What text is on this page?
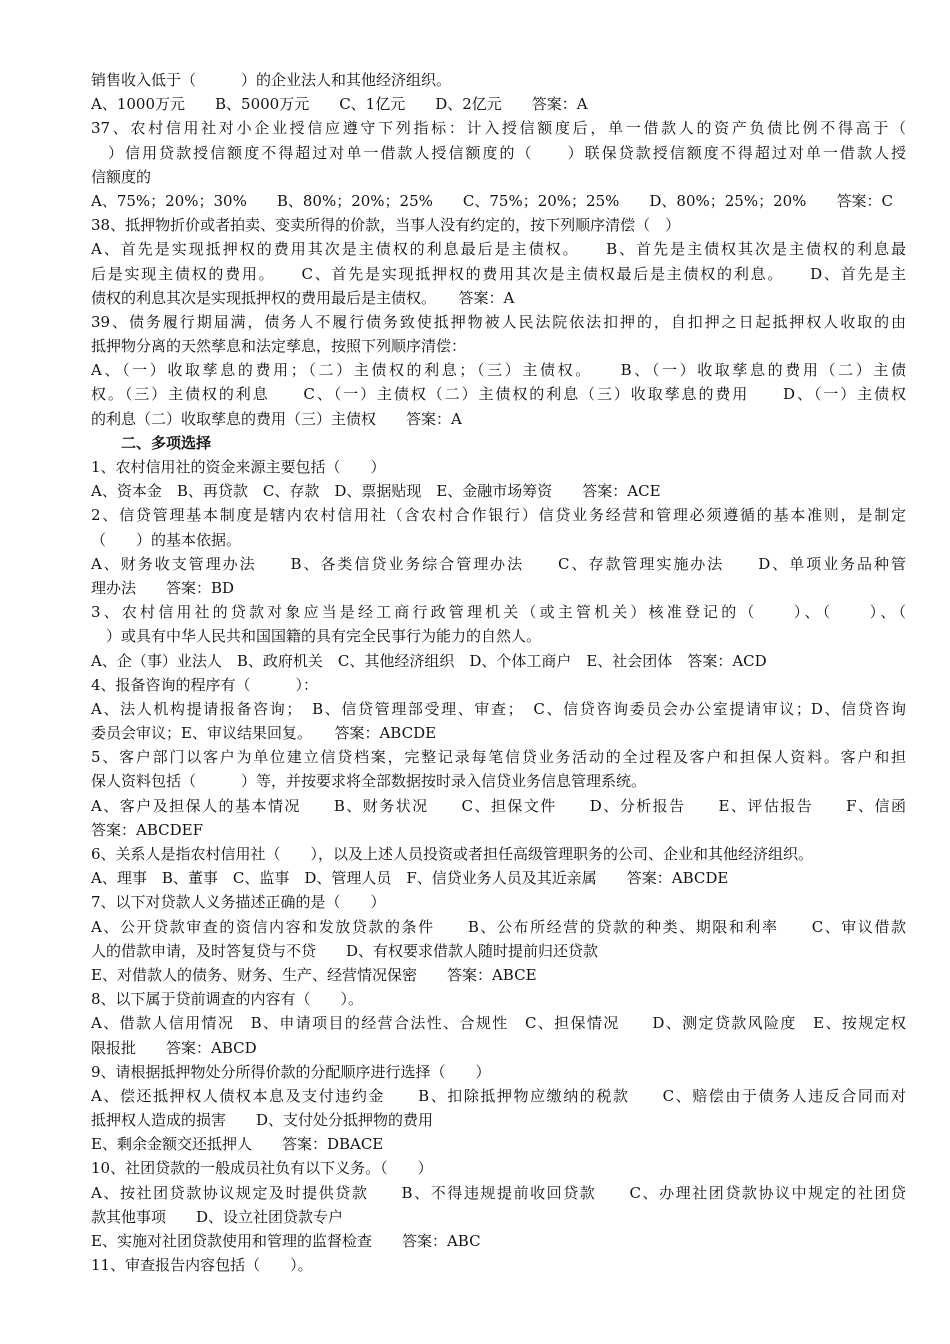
销售收入低于（　　　）的企业法人和其他经济组织。
A、1000万元　　B、5000万元　　C、1亿元　　D、2亿元　　答案：A
37、农村信用社对小企业授信应遵守下列指标：计入授信额度后，单一借款人的资产负债比例不得高于（
　）信用贷款授信额度不得超过对单一借款人授信额度的（　　）联保贷款授信额度不得超过对单一借款人授
信额度的
A、75%；20%；30%　　B、80%；20%；25%　　C、75%；20%；25%　　D、80%；25%；20%　　答案：C
38、抵押物折价或者拍卖、变卖所得的价款，当事人没有约定的，按下列顺序清偿（　）
A、首先是实现抵押权的费用其次是主债权的利息最后是主债权。　　B、首先是主债权其次是主债权的利息最
后是实现主债权的费用。　　C、首先是实现抵押权的费用其次是主债权最后是主债权的利息。　　D、首先是主
债权的利息其次是实现抵押权的费用最后是主债权。　　答案：A
39、债务履行期届满，债务人不履行债务致使抵押物被人民法院依法扣押的，自扣押之日起抵押权人收取的由
抵押物分离的天然孳息和法定孳息，按照下列顺序清偿：
A、（一）收取孳息的费用；（二）主债权的利息；（三）主债权。　　B、（一）收取孳息的费用（二）主债
权。（三）主债权的利息　　C、（一）主债权（二）主债权的利息（三）收取孳息的费用　　D、（一）主债权
的利息（二）收取孳息的费用（三）主债权　　答案：A
二、多项选择
1、农村信用社的资金来源主要包括（　　）
A、资本金　B、再贷款　C、存款　D、票据贴现　E、金融市场筹资　　答案：ACE
2、信贷管理基本制度是辖内农村信用社（含农村合作银行）信贷业务经营和管理必须遵循的基本准则，是制定
（　　）的基本依据。
A、财务收支管理办法　　B、各类信贷业务综合管理办法　　C、存款管理实施办法　　D、单项业务品种管
理办法　　答案：BD
3、农村信用社的贷款对象应当是经工商行政管理机关（或主管机关）核准登记的（　　）、（　　）、（
　）或具有中华人民共和国国籍的具有完全民事行为能力的自然人。
A、企（事）业法人　B、政府机关　C、其他经济组织　D、个体工商户　E、社会团体　答案：ACD
4、报备咨询的程序有（　　　）：
A、法人机构提请报备咨询；　B、信贷管理部受理、审查；　C、信贷咨询委员会办公室提请审议；D、信贷咨询
委员会审议；E、审议结果回复。　　答案：ABCDE
5、客户部门以客户为单位建立信贷档案，完整记录每笔信贷业务活动的全过程及客户和担保人资料。客户和担
保人资料包括（　　　）等，并按要求将全部数据按时录入信贷业务信息管理系统。
A、客户及担保人的基本情况　　B、财务状况　　C、担保文件　　D、分析报告　　E、评估报告　　F、信函
答案：ABCDEF
6、关系人是指农村信用社（　　），以及上述人员投资或者担任高级管理职务的公司、企业和其他经济组织。
A、理事　B、董事　C、监事　D、管理人员　F、信贷业务人员及其近亲属　　答案：ABCDE
7、以下对贷款人义务描述正确的是（　　）
A、公开贷款审查的资信内容和发放贷款的条件　　B、公布所经营的贷款的种类、期限和利率　　C、审议借款
人的借款申请，及时答复贷与不贷　　D、有权要求借款人随时提前归还贷款
E、对借款人的债务、财务、生产、经营情况保密　　答案：ABCE
8、以下属于贷前调查的内容有（　　）。
A、借款人信用情况　B、申请项目的经营合法性、合规性　C、担保情况　　D、测定贷款风险度　E、按规定权
限报批　　答案：ABCD
9、请根据抵押物处分所得价款的分配顺序进行选择（　　）
A、偿还抵押权人债权本息及支付违约金　　B、扣除抵押物应缴纳的税款　　C、赔偿由于债务人违反合同而对
抵押权人造成的损害　　D、支付处分抵押物的费用
E、剩余金额交还抵押人　　答案：DBACE
10、社团贷款的一般成员社负有以下义务。（　　）
A、按社团贷款协议规定及时提供贷款　　B、不得违规提前收回贷款　　C、办理社团贷款协议中规定的社团贷
款其他事项　　D、设立社团贷款专户
E、实施对社团贷款使用和管理的监督检查　　答案：ABC
11、审查报告内容包括（　　）。
